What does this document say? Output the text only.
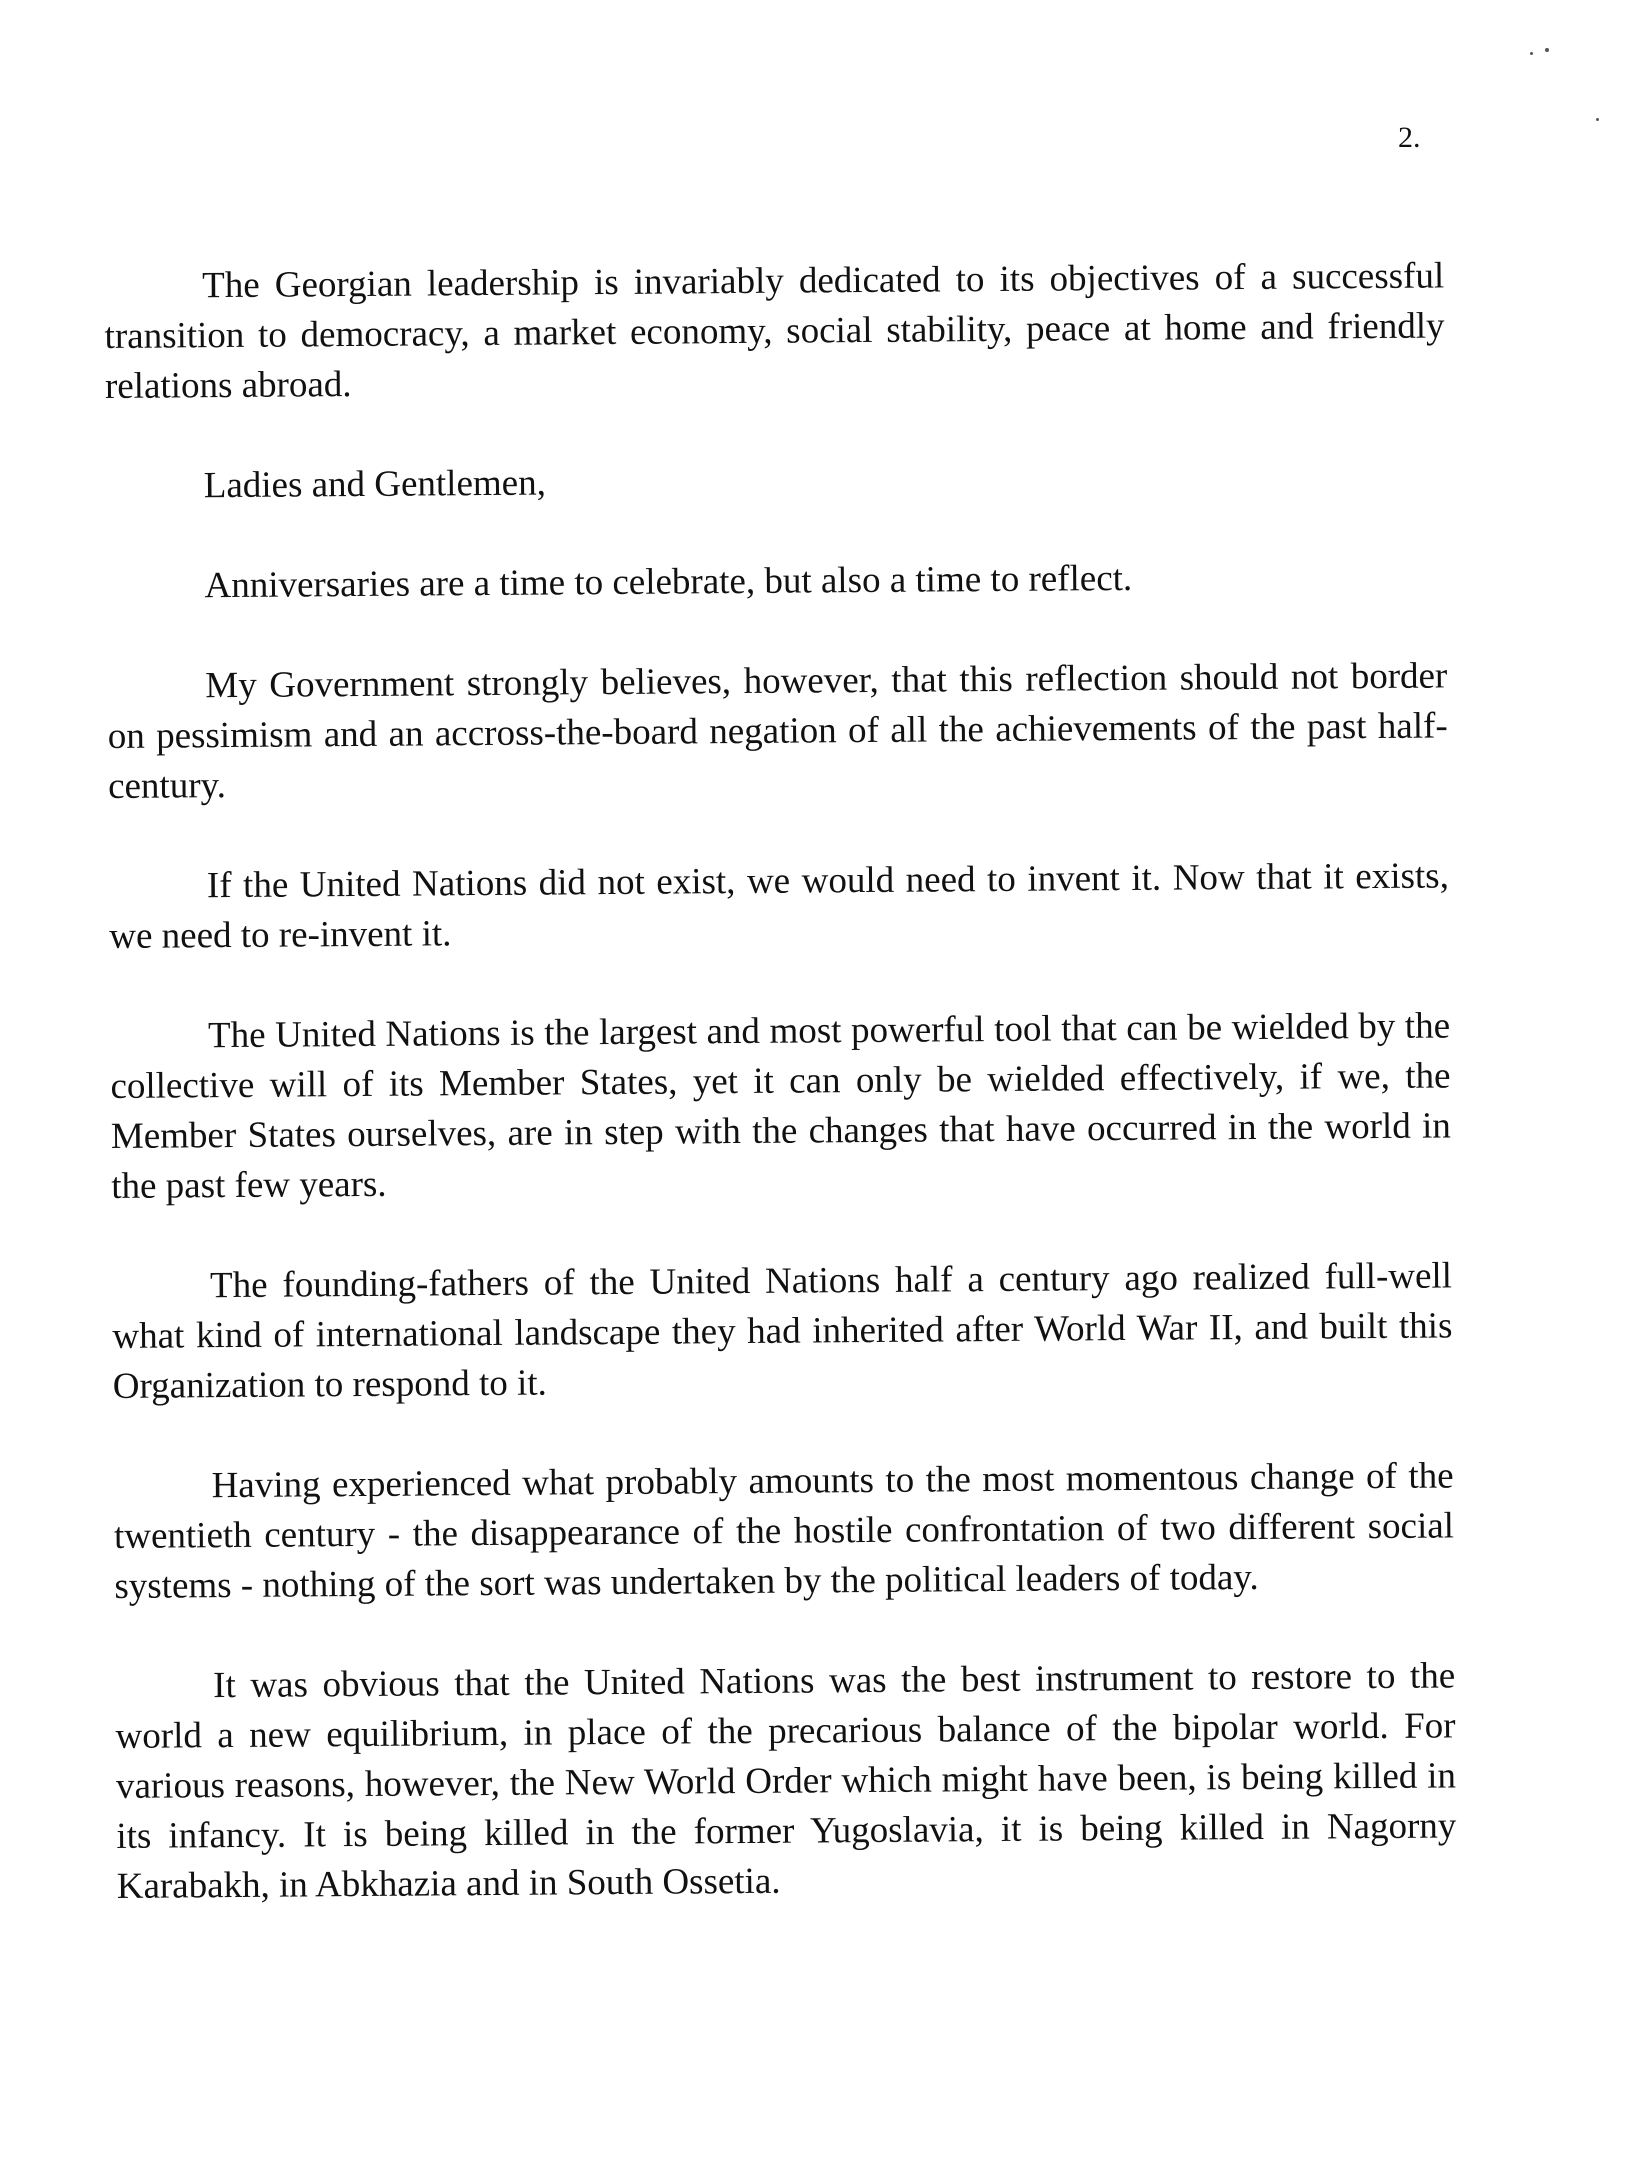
2.

The Georgian leadership is invariably dedicated to its objectives of a successful transition to democracy, a market economy, social stability, peace at home and friendly relations abroad.

Ladies and Gentlemen,

Anniversaries are a time to celebrate, but also a time to reflect.

My Government strongly believes, however, that this reflection should not border on pessimism and an accross-the-board negation of all the achievements of the past half-century.

If the United Nations did not exist, we would need to invent it. Now that it exists, we need to re-invent it.

The United Nations is the largest and most powerful tool that can be wielded by the collective will of its Member States, yet it can only be wielded effectively, if we, the Member States ourselves, are in step with the changes that have occurred in the world in the past few years.

The founding-fathers of the United Nations half a century ago realized full-well what kind of international landscape they had inherited after World War II, and built this Organization to respond to it.

Having experienced what probably amounts to the most momentous change of the twentieth century - the disappearance of the hostile confrontation of two different social systems - nothing of the sort was undertaken by the political leaders of today.

It was obvious that the United Nations was the best instrument to restore to the world a new equilibrium, in place of the precarious balance of the bipolar world. For various reasons, however, the New World Order which might have been, is being killed in its infancy. It is being killed in the former Yugoslavia, it is being killed in Nagorny Karabakh, in Abkhazia and in South Ossetia.
